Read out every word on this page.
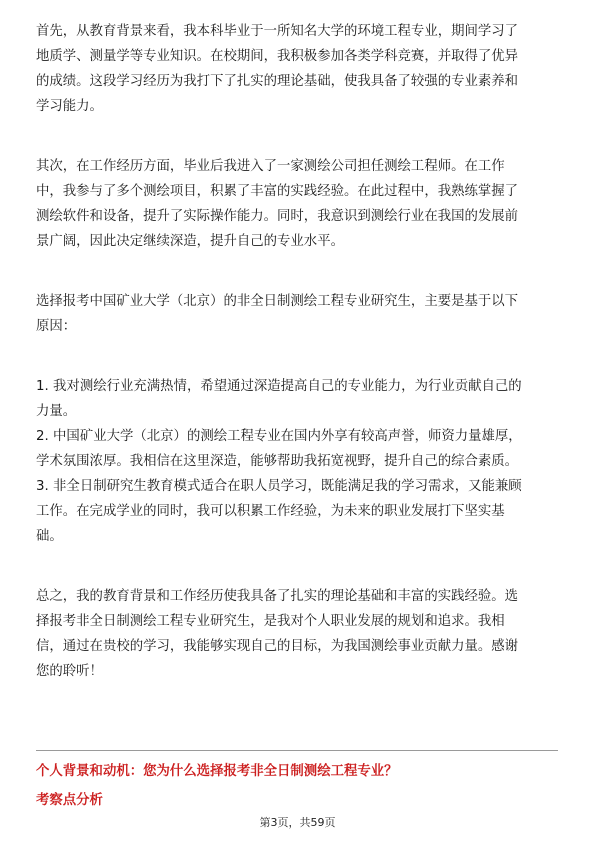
首先，从教育背景来看，我本科毕业于一所知名大学的环境工程专业，期间学习了
地质学、测量学等专业知识。在校期间，我积极参加各类学科竞赛，并取得了优异
的成绩。这段学习经历为我打下了扎实的理论基础，使我具备了较强的专业素养和
学习能力。
其次，在工作经历方面，毕业后我进入了一家测绘公司担任测绘工程师。在工作
中，我参与了多个测绘项目，积累了丰富的实践经验。在此过程中，我熟练掌握了
测绘软件和设备，提升了实际操作能力。同时，我意识到测绘行业在我国的发展前
景广阔，因此决定继续深造，提升自己的专业水平。
选择报考中国矿业大学（北京）的非全日制测绘工程专业研究生，主要是基于以下
原因：
1. 我对测绘行业充满热情，希望通过深造提高自己的专业能力，为行业贡献自己的
力量。
2. 中国矿业大学（北京）的测绘工程专业在国内外享有较高声誉，师资力量雄厚，
学术氛围浓厚。我相信在这里深造，能够帮助我拓宽视野，提升自己的综合素质。
3. 非全日制研究生教育模式适合在职人员学习，既能满足我的学习需求，又能兼顾
工作。在完成学业的同时，我可以积累工作经验，为未来的职业发展打下坚实基
础。
总之，我的教育背景和工作经历使我具备了扎实的理论基础和丰富的实践经验。选
择报考非全日制测绘工程专业研究生，是我对个人职业发展的规划和追求。我相
信，通过在贵校的学习，我能够实现自己的目标，为我国测绘事业贡献力量。感谢
您的聆听！
个人背景和动机：您为什么选择报考非全日制测绘工程专业？
考察点分析
第3页，共59页
